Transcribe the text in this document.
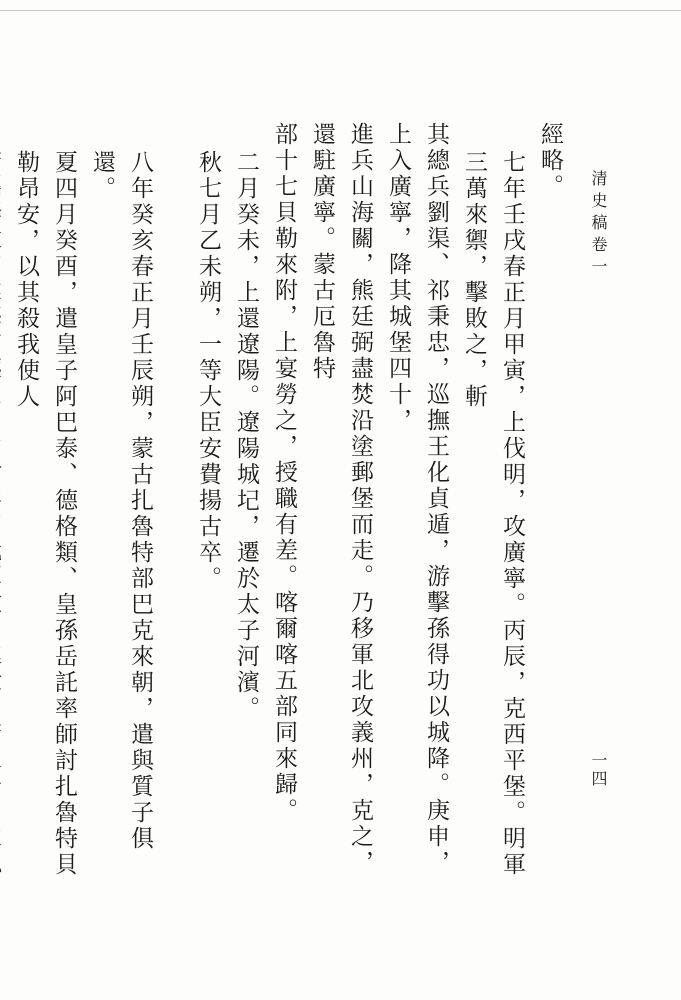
清史稿卷一
一四
經略。
七年壬戌春正月甲寅，上伐明，攻廣寧。丙辰，克西平堡。明軍三萬來禦，擊敗之，斬
其總兵劉渠、祁秉忠，巡撫王化貞遁，游擊孫得功以城降。庚申，上入廣寧，降其城堡四十，
進兵山海關，熊廷弼盡焚沿塗郵堡而走。乃移軍北攻義州，克之，還駐廣寧。蒙古厄魯特
部十七貝勒來附，上宴勞之，授職有差。喀爾喀五部同來歸。
二月癸未，上還遼陽。遼陽城圮，遷於太子河濱。
秋七月乙未朔，一等大臣安費揚古卒。
八年癸亥春正月壬辰朔，蒙古扎魯特部巴克來朝，遣與質子俱還。
夏四月癸酉，遣皇子阿巴泰、德格類、皇孫岳託率師討扎魯特貝勒昂安，以其殺我使人
